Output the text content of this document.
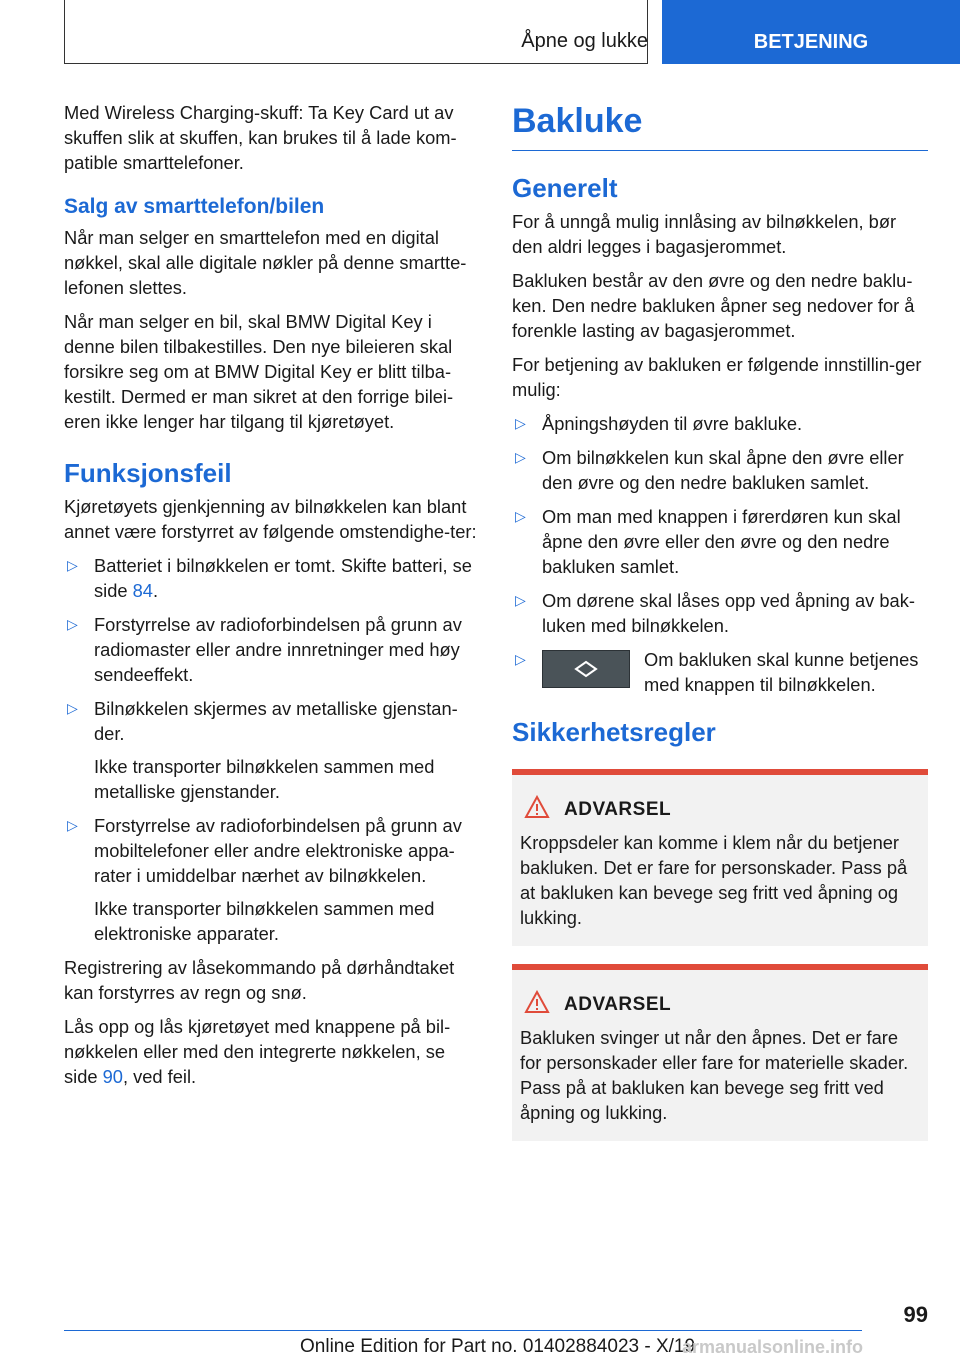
Åpne og lukke	BETJENING

Med Wireless Charging-skuff: Ta Key Card ut av skuffen slik at skuffen, kan brukes til å lade kom-patible smarttelefoner.

Salg av smarttelefon/bilen

Når man selger en smarttelefon med en digital nøkkel, skal alle digitale nøkler på denne smartte-lefonen slettes.

Når man selger en bil, skal BMW Digital Key i denne bilen tilbakestilles. Den nye bileieren skal forsikre seg om at BMW Digital Key er blitt tilba-kestilt. Dermed er man sikret at den forrige bilei-eren ikke lenger har tilgang til kjøretøyet.

Funksjonsfeil

Kjøretøyets gjenkjenning av bilnøkkelen kan blant annet være forstyrret av følgende omstendighe-ter:

▷ Batteriet i bilnøkkelen er tomt. Skifte batteri, se side 84.
▷ Forstyrrelse av radioforbindelsen på grunn av radiomaster eller andre innretninger med høy sendeeffekt.
▷ Bilnøkkelen skjermes av metalliske gjenstan-der.

Ikke transporter bilnøkkelen sammen med metalliske gjenstander.

▷ Forstyrrelse av radioforbindelsen på grunn av mobiltelefoner eller andre elektroniske appa-rater i umiddelbar nærhet av bilnøkkelen.

Ikke transporter bilnøkkelen sammen med elektroniske apparater.

Registrering av låsekommando på dørhåndtaket kan forstyrres av regn og snø.

Lås opp og lås kjøretøyet med knappene på bil-nøkkelen eller med den integrerte nøkkelen, se side 90, ved feil.

Bakluke
Generelt

For å unngå mulig innlåsing av bilnøkkelen, bør den aldri legges i bagasjerommet.

Bakluken består av den øvre og den nedre baklu-ken. Den nedre bakluken åpner seg nedover for å forenkle lasting av bagasjerommet.

For betjening av bakluken er følgende innstillin-ger mulig:

▷ Åpningshøyden til øvre bakluke.
▷ Om bilnøkkelen kun skal åpne den øvre eller den øvre og den nedre bakluken samlet.
▷ Om man med knappen i førerdøren kun skal åpne den øvre eller den øvre og den nedre bakluken samlet.
▷ Om dørene skal låses opp ved åpning av bak-luken med bilnøkkelen.
▷	Om bakluken skal kunne betjenes med knappen til bilnøkkelen.
Sikkerhetsregler
ADVARSEL

Kroppsdeler kan komme i klem når du betjener bakluken. Det er fare for personskader. Pass på at bakluken kan bevege seg fritt ved åpning og lukking.

ADVARSEL

Bakluken svinger ut når den åpnes. Det er fare for personskader eller fare for materielle skader. Pass på at bakluken kan bevege seg fritt ved åpning og lukking.

99
Online Edition for Part no. 01402884023 - X/19
armanualsonline.info
